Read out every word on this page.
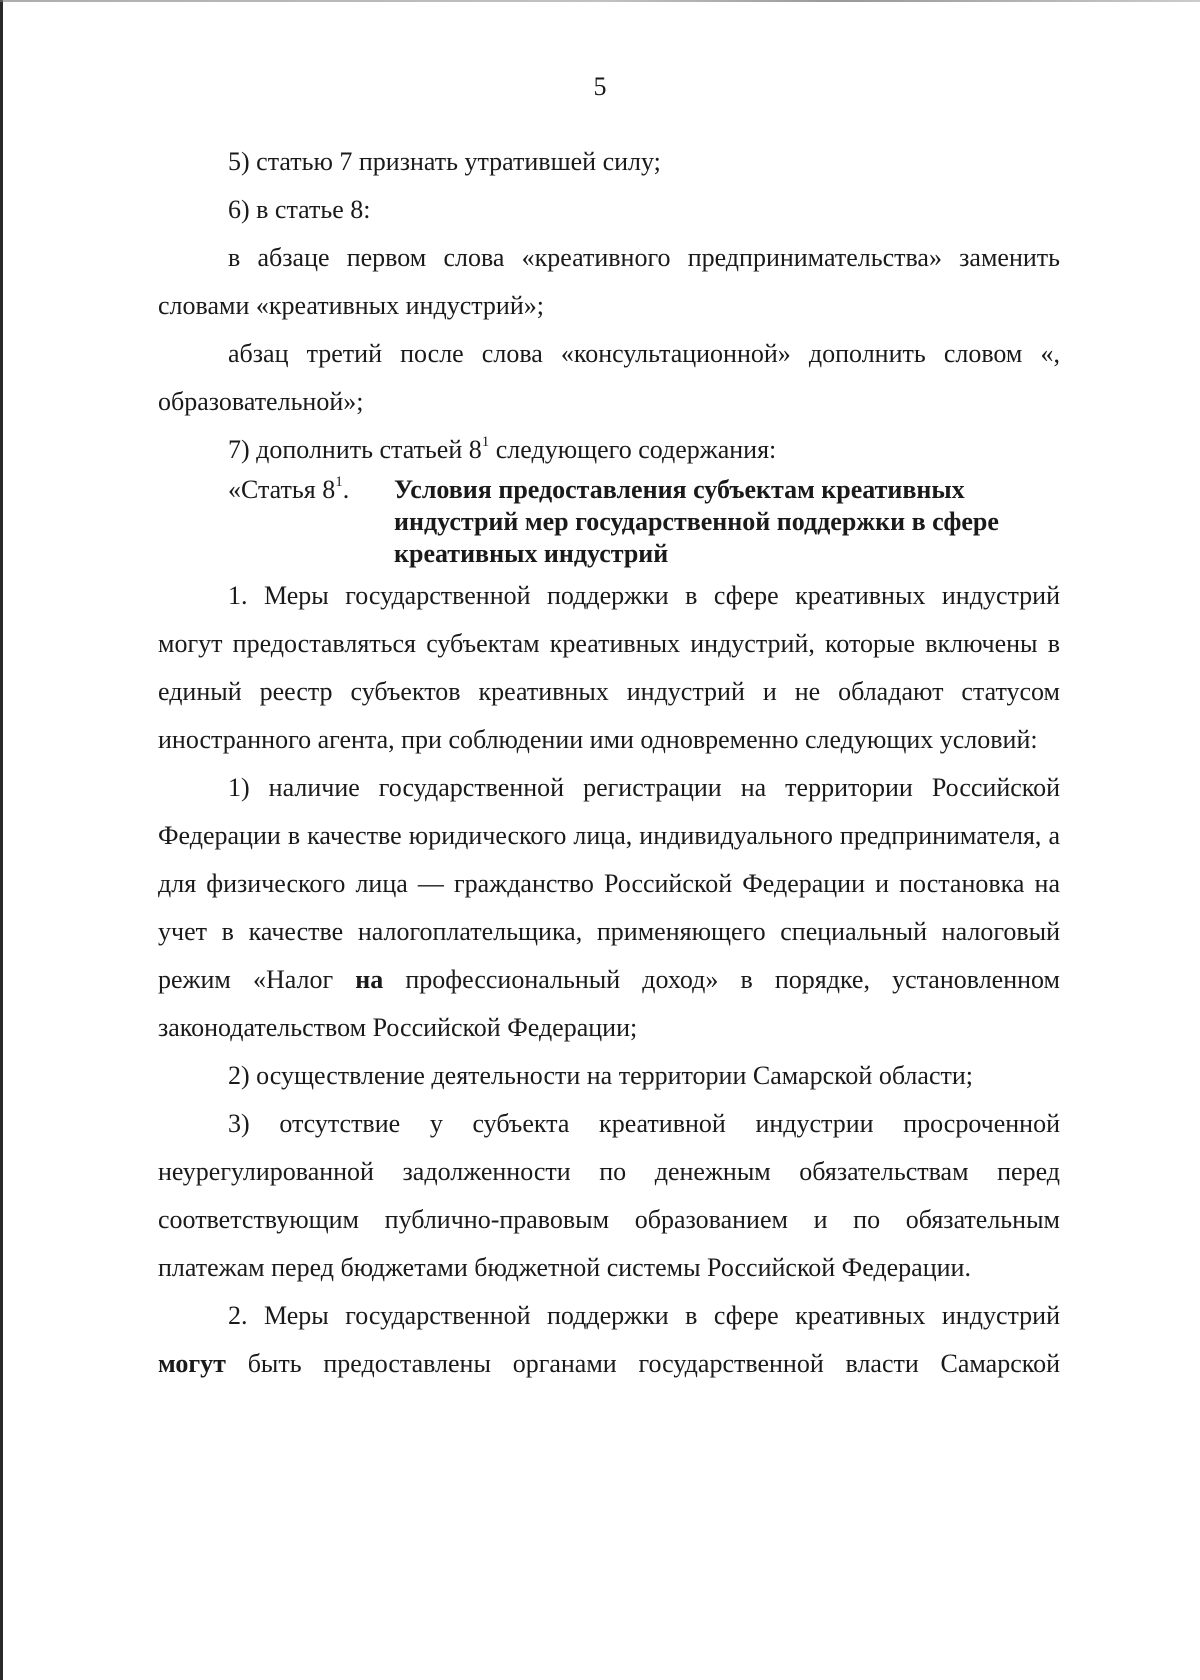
5

5) статью 7 признать утратившей силу;

6) в статье 8:

в абзаце первом слова «креативного предпринимательства» заменить словами «креативных индустрий»;

абзац третий после слова «консультационной» дополнить словом «, образовательной»;

7) дополнить статьей $8^1$ следующего содержания:

«Статья $8^1$. Условия предоставления субъектам креативных индустрий мер государственной поддержки в сфере креативных индустрий

1. Меры государственной поддержки в сфере креативных индустрий могут предоставляться субъектам креативных индустрий, которые включены в единый реестр субъектов креативных индустрий и не обладают статусом иностранного агента, при соблюдении ими одновременно следующих условий:

1) наличие государственной регистрации на территории Российской Федерации в качестве юридического лица, индивидуального предпринимателя, а для физического лица — гражданство Российской Федерации и постановка на учет в качестве налогоплательщика, применяющего специальный налоговый режим «Налог на профессиональный доход» в порядке, установленном законодательством Российской Федерации;

2) осуществление деятельности на территории Самарской области;

3) отсутствие у субъекта креативной индустрии просроченной неурегулированной задолженности по денежным обязательствам перед соответствующим публично-правовым образованием и по обязательным платежам перед бюджетами бюджетной системы Российской Федерации.

2. Меры государственной поддержки в сфере креативных индустрий могут быть предоставлены органами государственной власти Самарской
